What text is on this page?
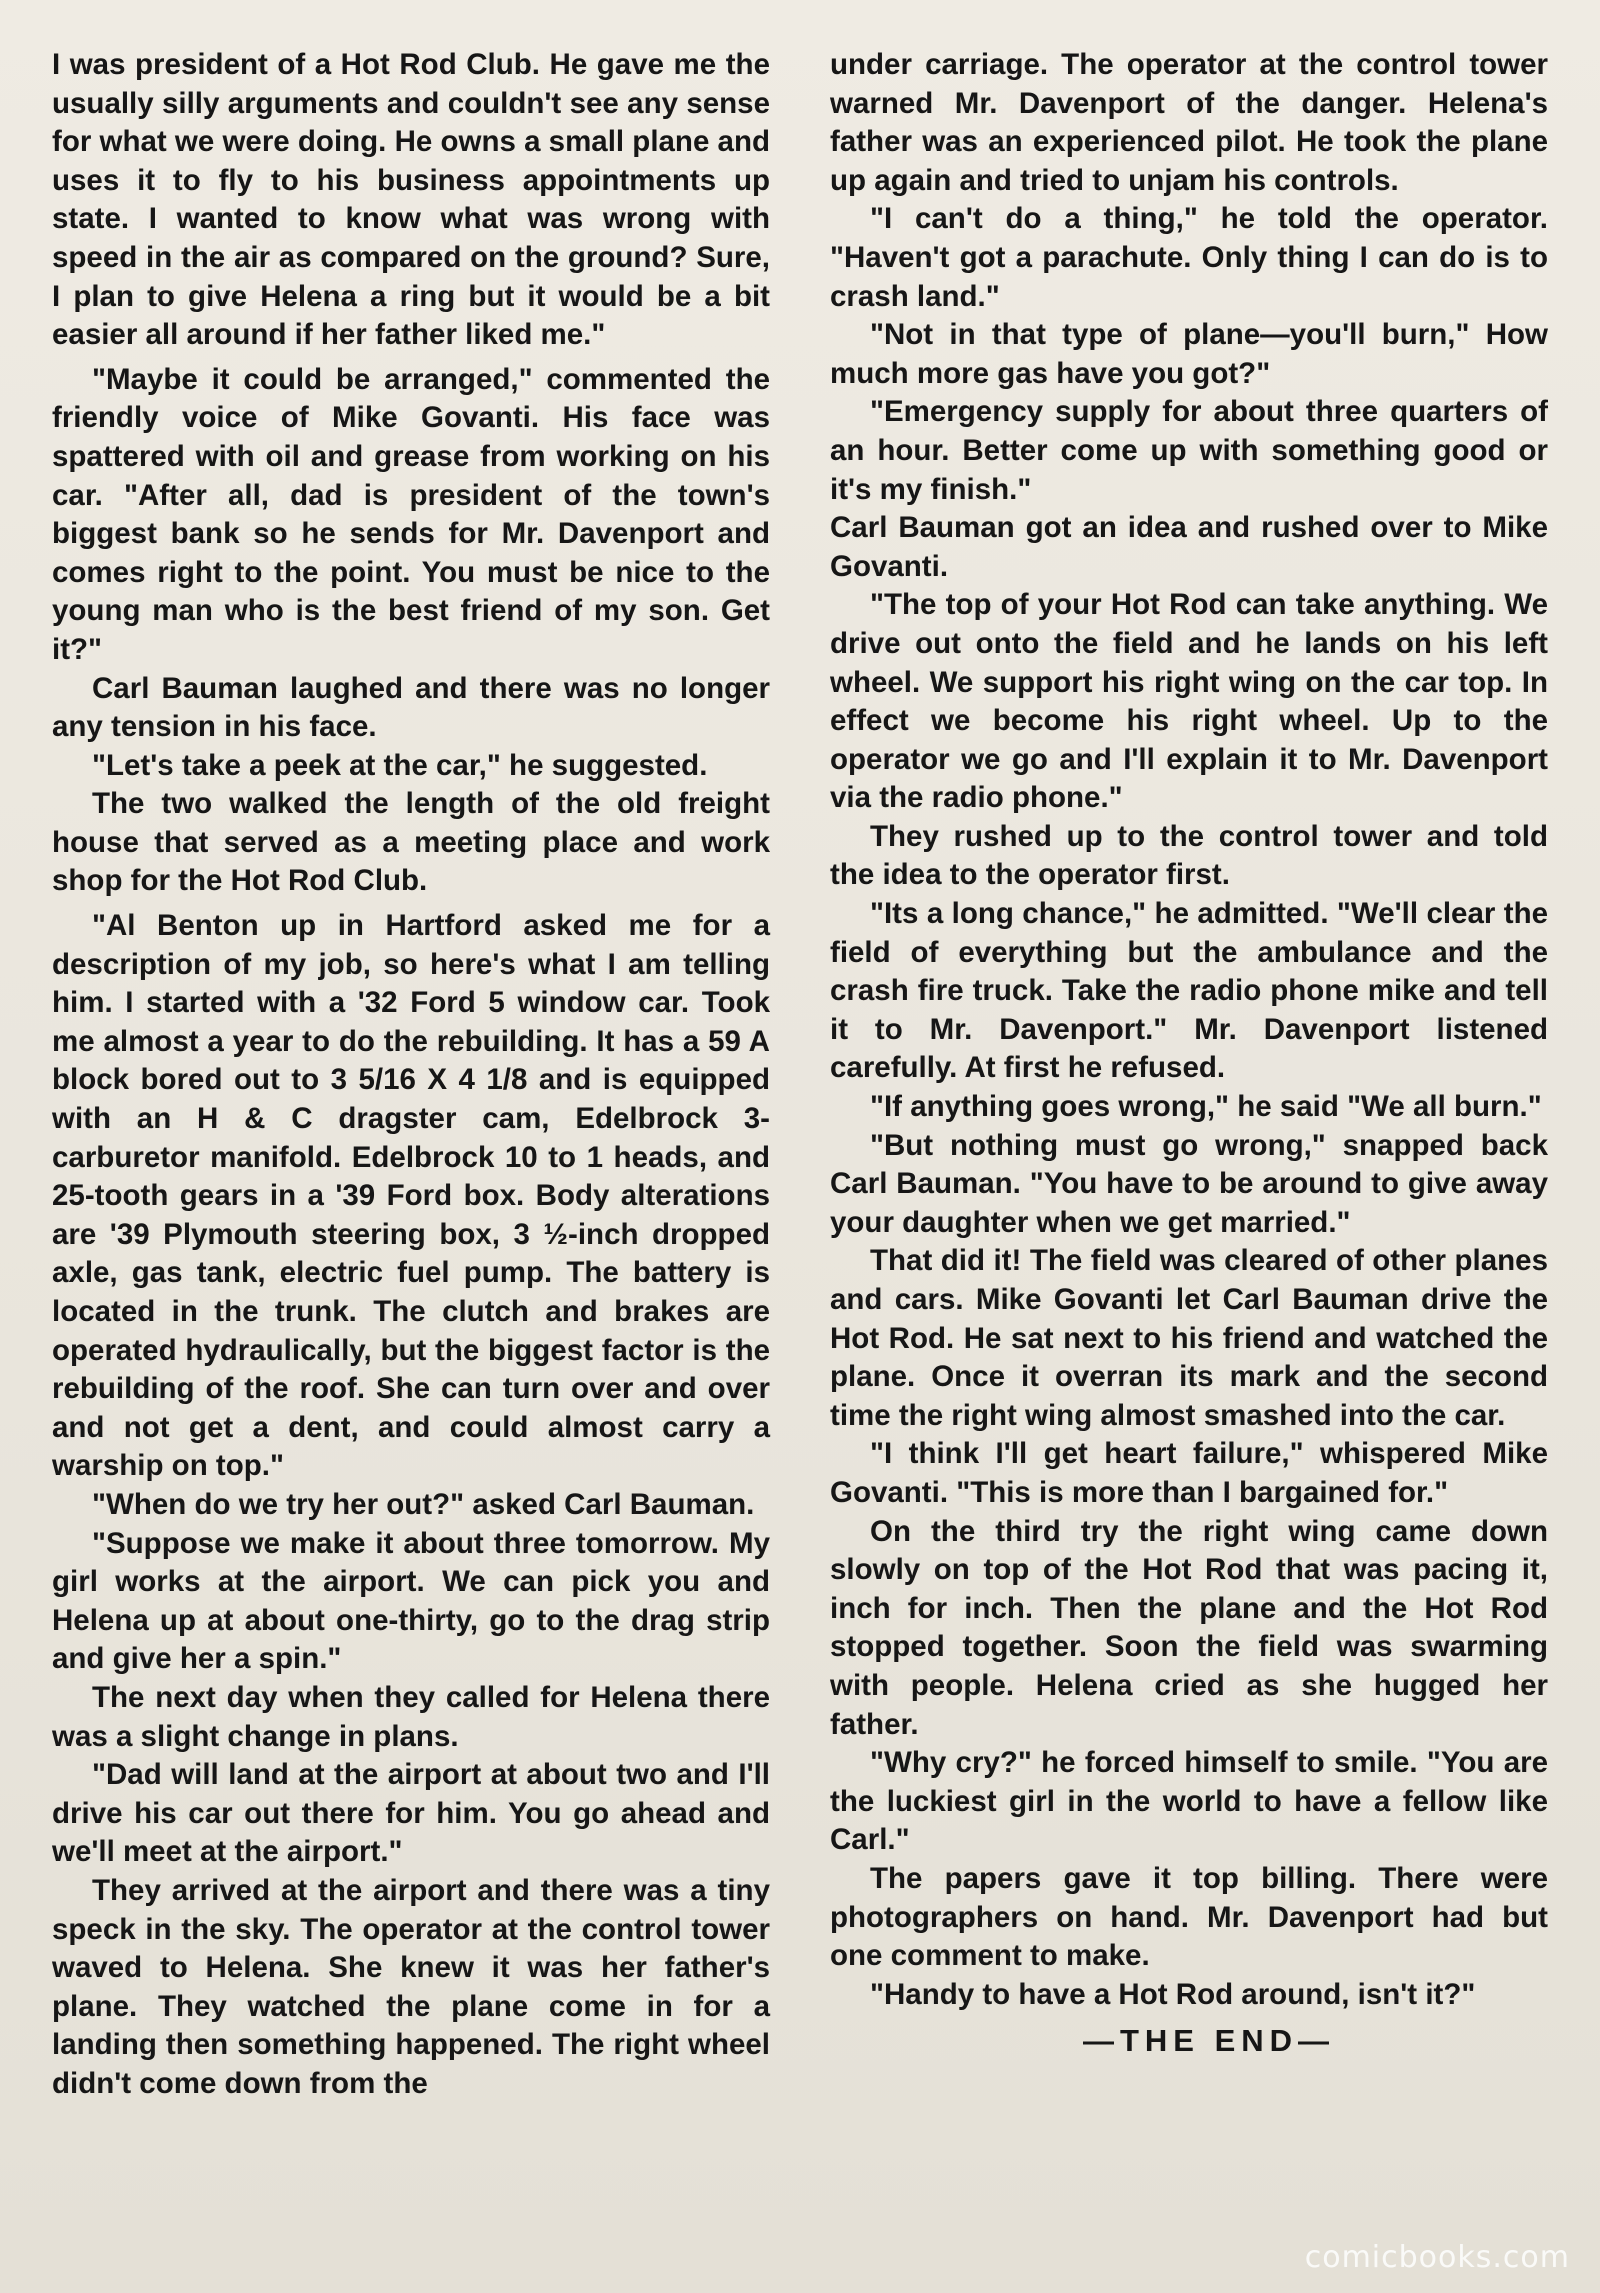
I was president of a Hot Rod Club. He gave me the usually silly arguments and couldn't see any sense for what we were doing. He owns a small plane and uses it to fly to his business appointments up state. I wanted to know what was wrong with speed in the air as compared on the ground? Sure, I plan to give Helena a ring but it would be a bit easier all around if her father liked me."

"Maybe it could be arranged," commented the friendly voice of Mike Govanti. His face was spattered with oil and grease from working on his car. "After all, dad is president of the town's biggest bank so he sends for Mr. Davenport and comes right to the point. You must be nice to the young man who is the best friend of my son. Get it?"

Carl Bauman laughed and there was no longer any tension in his face.

"Let's take a peek at the car," he suggested.

The two walked the length of the old freight house that served as a meeting place and work shop for the Hot Rod Club.

"Al Benton up in Hartford asked me for a description of my job, so here's what I am telling him. I started with a '32 Ford 5 window car. Took me almost a year to do the rebuilding. It has a 59 A block bored out to 3 5/16 X 4 1/8 and is equipped with an H & C dragster cam, Edelbrock 3-carburetor manifold. Edelbrock 10 to 1 heads, and 25-tooth gears in a '39 Ford box. Body alterations are '39 Plymouth steering box, 3 ½-inch dropped axle, gas tank, electric fuel pump. The battery is located in the trunk. The clutch and brakes are operated hydraulically, but the biggest factor is the rebuilding of the roof. She can turn over and over and not get a dent, and could almost carry a warship on top."

"When do we try her out?" asked Carl Bauman.

"Suppose we make it about three tomorrow. My girl works at the airport. We can pick you and Helena up at about one-thirty, go to the drag strip and give her a spin."

The next day when they called for Helena there was a slight change in plans.

"Dad will land at the airport at about two and I'll drive his car out there for him. You go ahead and we'll meet at the airport."

They arrived at the airport and there was a tiny speck in the sky. The operator at the control tower waved to Helena. She knew it was her father's plane. They watched the plane come in for a landing then something happened. The right wheel didn't come down from the

under carriage. The operator at the control tower warned Mr. Davenport of the danger. Helena's father was an experienced pilot. He took the plane up again and tried to unjam his controls.

"I can't do a thing," he told the operator. "Haven't got a parachute. Only thing I can do is to crash land."

"Not in that type of plane—you'll burn," How much more gas have you got?"

"Emergency supply for about three quarters of an hour. Better come up with something good or it's my finish."

Carl Bauman got an idea and rushed over to Mike Govanti.

"The top of your Hot Rod can take anything. We drive out onto the field and he lands on his left wheel. We support his right wing on the car top. In effect we become his right wheel. Up to the operator we go and I'll explain it to Mr. Davenport via the radio phone."

They rushed up to the control tower and told the idea to the operator first.

"Its a long chance," he admitted. "We'll clear the field of everything but the ambulance and the crash fire truck. Take the radio phone mike and tell it to Mr. Davenport." Mr. Davenport listened carefully. At first he refused.

"If anything goes wrong," he said "We all burn."

"But nothing must go wrong," snapped back Carl Bauman. "You have to be around to give away your daughter when we get married."

That did it! The field was cleared of other planes and cars. Mike Govanti let Carl Bauman drive the Hot Rod. He sat next to his friend and watched the plane. Once it overran its mark and the second time the right wing almost smashed into the car.

"I think I'll get heart failure," whispered Mike Govanti. "This is more than I bargained for."

On the third try the right wing came down slowly on top of the Hot Rod that was pacing it, inch for inch. Then the plane and the Hot Rod stopped together. Soon the field was swarming with people. Helena cried as she hugged her father.

"Why cry?" he forced himself to smile. "You are the luckiest girl in the world to have a fellow like Carl."

The papers gave it top billing. There were photographers on hand. Mr. Davenport had but one comment to make.

"Handy to have a Hot Rod around, isn't it?"

—THE END—
comicbooks.com
